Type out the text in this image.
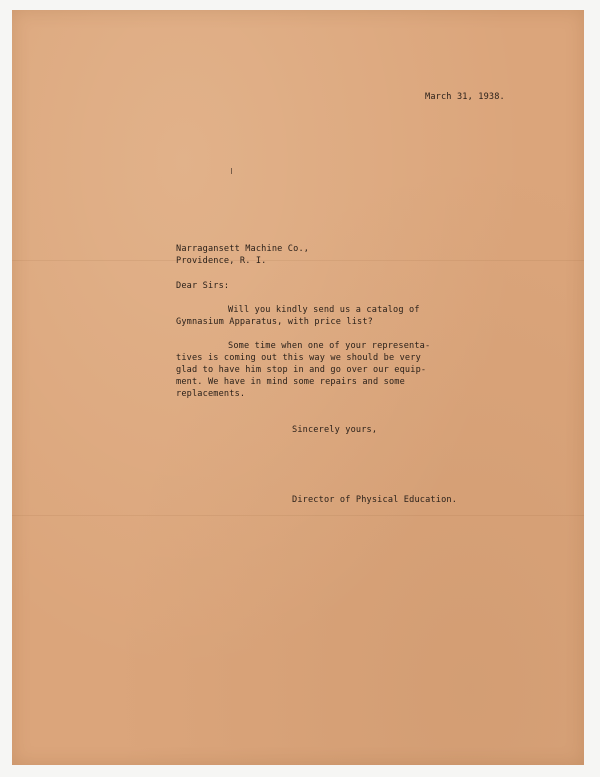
March 31, 1938.

Narragansett Machine Co.,

Providence, R. I.

Dear Sirs:

Will you kindly send us a catalog of

Gymnasium Apparatus, with price list?

Some time when one of your representa-

tives is coming out this way we should be very

glad to have him stop in and go over our equip-

ment. We have in mind some repairs and some

replacements.

Sincerely yours,

Director of Physical Education.
